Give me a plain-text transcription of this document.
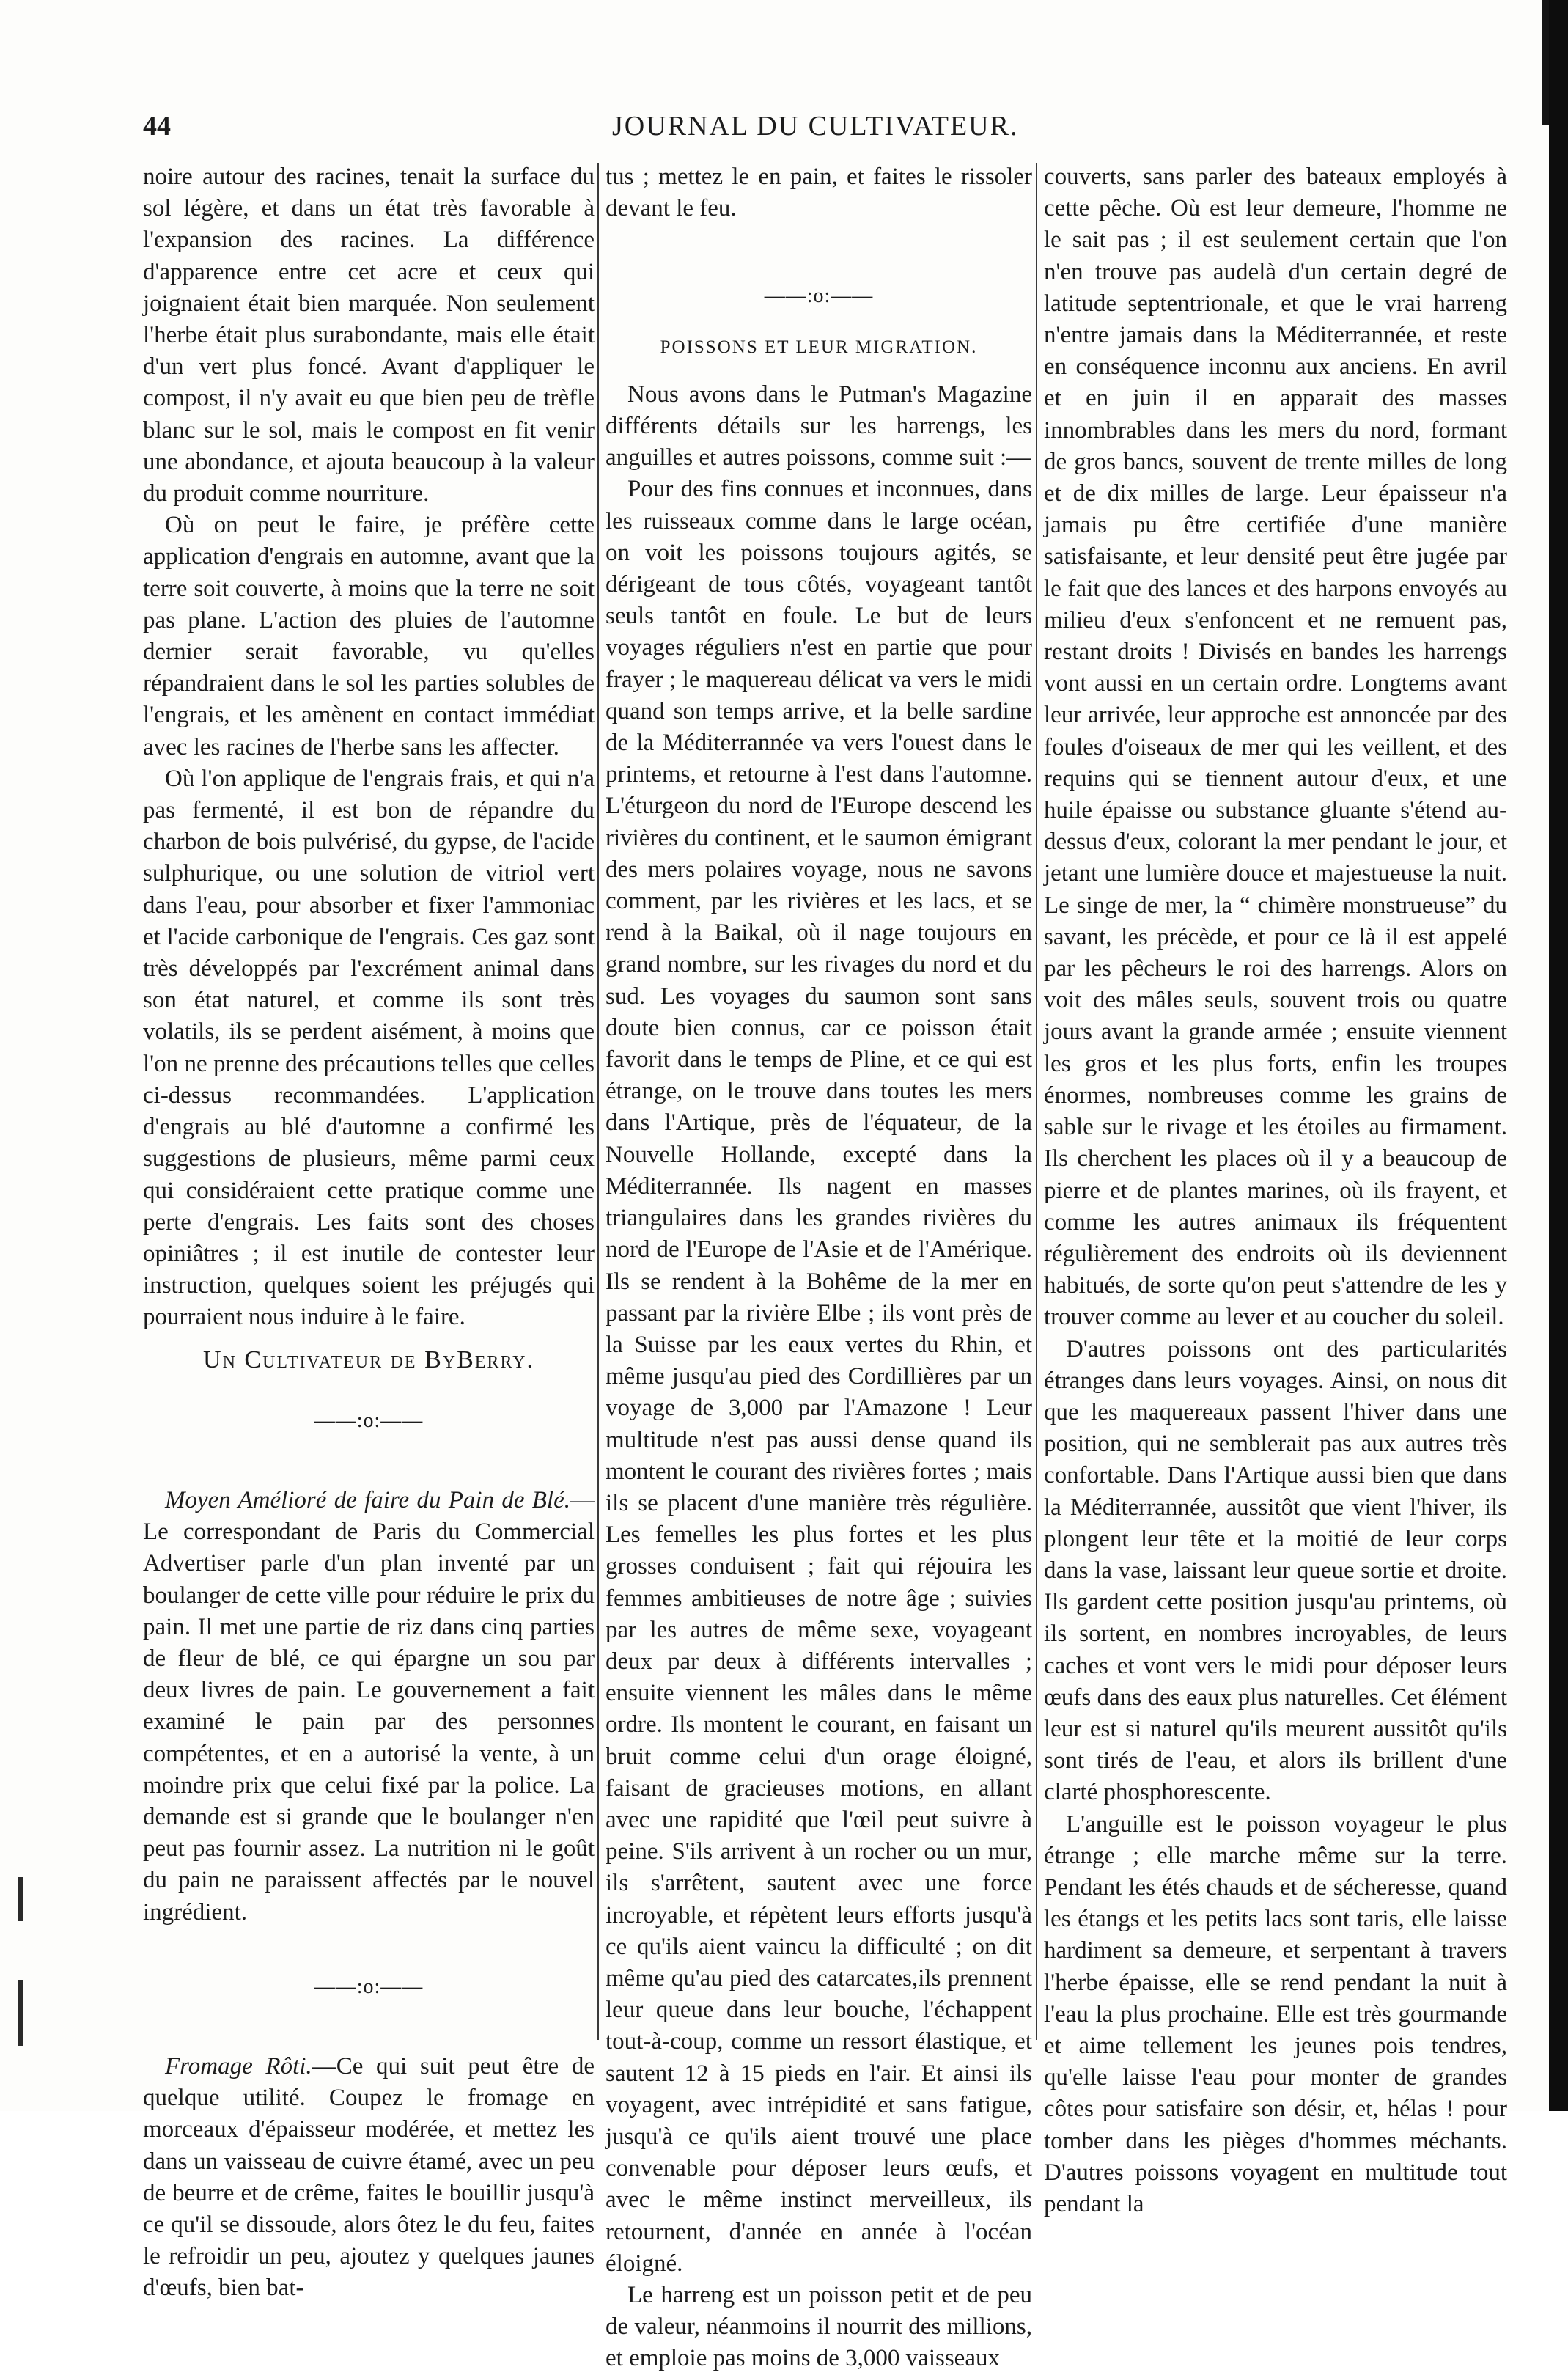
44	JOURNAL DU CULTIVATEUR.

noire autour des racines, tenait la surface du sol légère, et dans un état très favorable à l'expansion des racines. La différence d'apparence entre cet acre et ceux qui joignaient était bien marquée. Non seulement l'herbe était plus surabondante, mais elle était d'un vert plus foncé. Avant d'appliquer le compost, il n'y avait eu que bien peu de trèfle blanc sur le sol, mais le compost en fit venir une abondance, et ajouta beaucoup à la valeur du produit comme nourriture.

Où on peut le faire, je préfère cette application d'engrais en automne, avant que la terre soit couverte, à moins que la terre ne soit pas plane. L'action des pluies de l'automne dernier serait favorable, vu qu'elles répandraient dans le sol les parties solubles de l'engrais, et les amènent en contact immédiat avec les racines de l'herbe sans les affecter.

Où l'on applique de l'engrais frais, et qui n'a pas fermenté, il est bon de répandre du charbon de bois pulvérisé, du gypse, de l'acide sulphurique, ou une solution de vitriol vert dans l'eau, pour absorber et fixer l'ammoniac et l'acide carbonique de l'engrais. Ces gaz sont très développés par l'excrément animal dans son état naturel, et comme ils sont très volatils, ils se perdent aisément, à moins que l'on ne prenne des précautions telles que celles ci-dessus recommandées. L'application d'engrais au blé d'automne a confirmé les suggestions de plusieurs, même parmi ceux qui considéraient cette pratique comme une perte d'engrais. Les faits sont des choses opiniâtres ; il est inutile de contester leur instruction, quelques soient les préjugés qui pourraient nous induire à le faire.

Un Cultivateur de ByBerry.
——:o:——

Moyen Amélioré de faire du Pain de Blé.—Le correspondant de Paris du Commercial Advertiser parle d'un plan inventé par un boulanger de cette ville pour réduire le prix du pain. Il met une partie de riz dans cinq parties de fleur de blé, ce qui épargne un sou par deux livres de pain. Le gouvernement a fait examiné le pain par des personnes compétentes, et en a autorisé la vente, à un moindre prix que celui fixé par la police. La demande est si grande que le boulanger n'en peut pas fournir assez. La nutrition ni le goût du pain ne paraissent affectés par le nouvel ingrédient.

——:o:——

Fromage Rôti.—Ce qui suit peut être de quelque utilité. Coupez le fromage en morceaux d'épaisseur modérée, et mettez les dans un vaisseau de cuivre étamé, avec un peu de beurre et de crême, faites le bouillir jusqu'à ce qu'il se dissoude, alors ôtez le du feu, faites le refroidir un peu, ajoutez y quelques jaunes d'œufs, bien bat-

tus ; mettez le en pain, et faites le rissoler devant le feu.

——:o:——
POISSONS ET LEUR MIGRATION.

Nous avons dans le Putman's Magazine différents détails sur les harrengs, les anguilles et autres poissons, comme suit :—

Pour des fins connues et inconnues, dans les ruisseaux comme dans le large océan, on voit les poissons toujours agités, se dérigeant de tous côtés, voyageant tantôt seuls tantôt en foule. Le but de leurs voyages réguliers n'est en partie que pour frayer ; le maquereau délicat va vers le midi quand son temps arrive, et la belle sardine de la Méditerrannée va vers l'ouest dans le printems, et retourne à l'est dans l'automne. L'éturgeon du nord de l'Europe descend les rivières du continent, et le saumon émigrant des mers polaires voyage, nous ne savons comment, par les rivières et les lacs, et se rend à la Baikal, où il nage toujours en grand nombre, sur les rivages du nord et du sud. Les voyages du saumon sont sans doute bien connus, car ce poisson était favorit dans le temps de Pline, et ce qui est étrange, on le trouve dans toutes les mers dans l'Artique, près de l'équateur, de la Nouvelle Hollande, excepté dans la Méditerrannée. Ils nagent en masses triangulaires dans les grandes rivières du nord de l'Europe de l'Asie et de l'Amérique. Ils se rendent à la Bohême de la mer en passant par la rivière Elbe ; ils vont près de la Suisse par les eaux vertes du Rhin, et même jusqu'au pied des Cordillières par un voyage de 3,000 par l'Amazone ! Leur multitude n'est pas aussi dense quand ils montent le courant des rivières fortes ; mais ils se placent d'une manière très régulière. Les femelles les plus fortes et les plus grosses conduisent ; fait qui réjouira les femmes ambitieuses de notre âge ; suivies par les autres de même sexe, voyageant deux par deux à différents intervalles ; ensuite viennent les mâles dans le même ordre. Ils montent le courant, en faisant un bruit comme celui d'un orage éloigné, faisant de gracieuses motions, en allant avec une rapidité que l'œil peut suivre à peine. S'ils arrivent à un rocher ou un mur, ils s'arrêtent, sautent avec une force incroyable, et répètent leurs efforts jusqu'à ce qu'ils aient vaincu la difficulté ; on dit même qu'au pied des catarcates,ils prennent leur queue dans leur bouche, l'échappent tout-à-coup, comme un ressort élastique, et sautent 12 à 15 pieds en l'air. Et ainsi ils voyagent, avec intrépidité et sans fatigue, jusqu'à ce qu'ils aient trouvé une place convenable pour déposer leurs œufs, et avec le même instinct merveilleux, ils retournent, d'année en année à l'océan éloigné.

Le harreng est un poisson petit et de peu de valeur, néanmoins il nourrit des millions, et emploie pas moins de 3,000 vaisseaux

couverts, sans parler des bateaux employés à cette pêche. Où est leur demeure, l'homme ne le sait pas ; il est seulement certain que l'on n'en trouve pas audelà d'un certain degré de latitude septentrionale, et que le vrai harreng n'entre jamais dans la Méditerrannée, et reste en conséquence inconnu aux anciens. En avril et en juin il en apparait des masses innombrables dans les mers du nord, formant de gros bancs, souvent de trente milles de long et de dix milles de large. Leur épaisseur n'a jamais pu être certifiée d'une manière satisfaisante, et leur densité peut être jugée par le fait que des lances et des harpons envoyés au milieu d'eux s'enfoncent et ne remuent pas, restant droits ! Divisés en bandes les harrengs vont aussi en un certain ordre. Longtems avant leur arrivée, leur approche est annoncée par des foules d'oiseaux de mer qui les veillent, et des requins qui se tiennent autour d'eux, et une huile épaisse ou substance gluante s'étend au-dessus d'eux, colorant la mer pendant le jour, et jetant une lumière douce et majestueuse la nuit. Le singe de mer, la “ chimère monstrueuse” du savant, les précède, et pour ce là il est appelé par les pêcheurs le roi des harrengs. Alors on voit des mâles seuls, souvent trois ou quatre jours avant la grande armée ; ensuite viennent les gros et les plus forts, enfin les troupes énormes, nombreuses comme les grains de sable sur le rivage et les étoiles au firmament. Ils cherchent les places où il y a beaucoup de pierre et de plantes marines, où ils frayent, et comme les autres animaux ils fréquentent régulièrement des endroits où ils deviennent habitués, de sorte qu'on peut s'attendre de les y trouver comme au lever et au coucher du soleil.

D'autres poissons ont des particularités étranges dans leurs voyages. Ainsi, on nous dit que les maquereaux passent l'hiver dans une position, qui ne semblerait pas aux autres très confortable. Dans l'Artique aussi bien que dans la Méditerrannée, aussitôt que vient l'hiver, ils plongent leur tête et la moitié de leur corps dans la vase, laissant leur queue sortie et droite. Ils gardent cette position jusqu'au printems, où ils sortent, en nombres incroyables, de leurs caches et vont vers le midi pour déposer leurs œufs dans des eaux plus naturelles. Cet élément leur est si naturel qu'ils meurent aussitôt qu'ils sont tirés de l'eau, et alors ils brillent d'une clarté phosphorescente.

L'anguille est le poisson voyageur le plus étrange ; elle marche même sur la terre. Pendant les étés chauds et de sécheresse, quand les étangs et les petits lacs sont taris, elle laisse hardiment sa demeure, et serpentant à travers l'herbe épaisse, elle se rend pendant la nuit à l'eau la plus prochaine. Elle est très gourmande et aime tellement les jeunes pois tendres, qu'elle laisse l'eau pour monter de grandes côtes pour satisfaire son désir, et, hélas ! pour tomber dans les pièges d'hommes méchants. D'autres poissons voyagent en multitude tout pendant la
